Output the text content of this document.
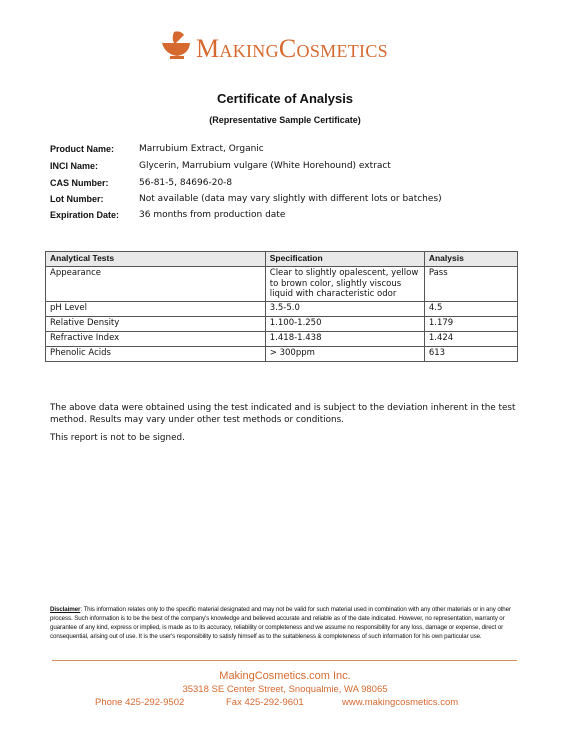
MakingCosmetics
Certificate of Analysis
(Representative Sample Certificate)
Product Name:	Marrubium Extract, Organic
INCI Name:	Glycerin, Marrubium vulgare (White Horehound) extract
CAS Number:	56-81-5, 84696-20-8
Lot Number:	Not available (data may vary slightly with different lots or batches)
Expiration Date:	36 months from production date
Analytical Tests	Specification	Analysis
Appearance	Clear to slightly opalescent, yellow to brown color, slightly viscous liquid with characteristic odor	Pass
pH Level	3.5-5.0	4.5
Relative Density	1.100-1.250	1.179
Refractive Index	1.418-1.438	1.424
Phenolic Acids	> 300ppm	613
The above data were obtained using the test indicated and is subject to the deviation inherent in the test method. Results may vary under other test methods or conditions.
This report is not to be signed.
Disclaimer: This information relates only to the specific material designated and may not be valid for such material used in combination with any other materials or in any other process. Such information is to be the best of the company's knowledge and believed accurate and reliable as of the date indicated. However, no representation, warranty or guarantee of any kind, express or implied, is made as to its accuracy, reliability or completeness and we assume no responsibility for any loss, damage or expense, direct or consequential, arising out of use. It is the user's responsibility to satisfy himself as to the suitableness & completeness of such information for his own particular use.
MakingCosmetics.com Inc.
35318 SE Center Street, Snoqualmie, WA 98065
Phone 425-292-9502	Fax 425-292-9601	www.makingcosmetics.com
